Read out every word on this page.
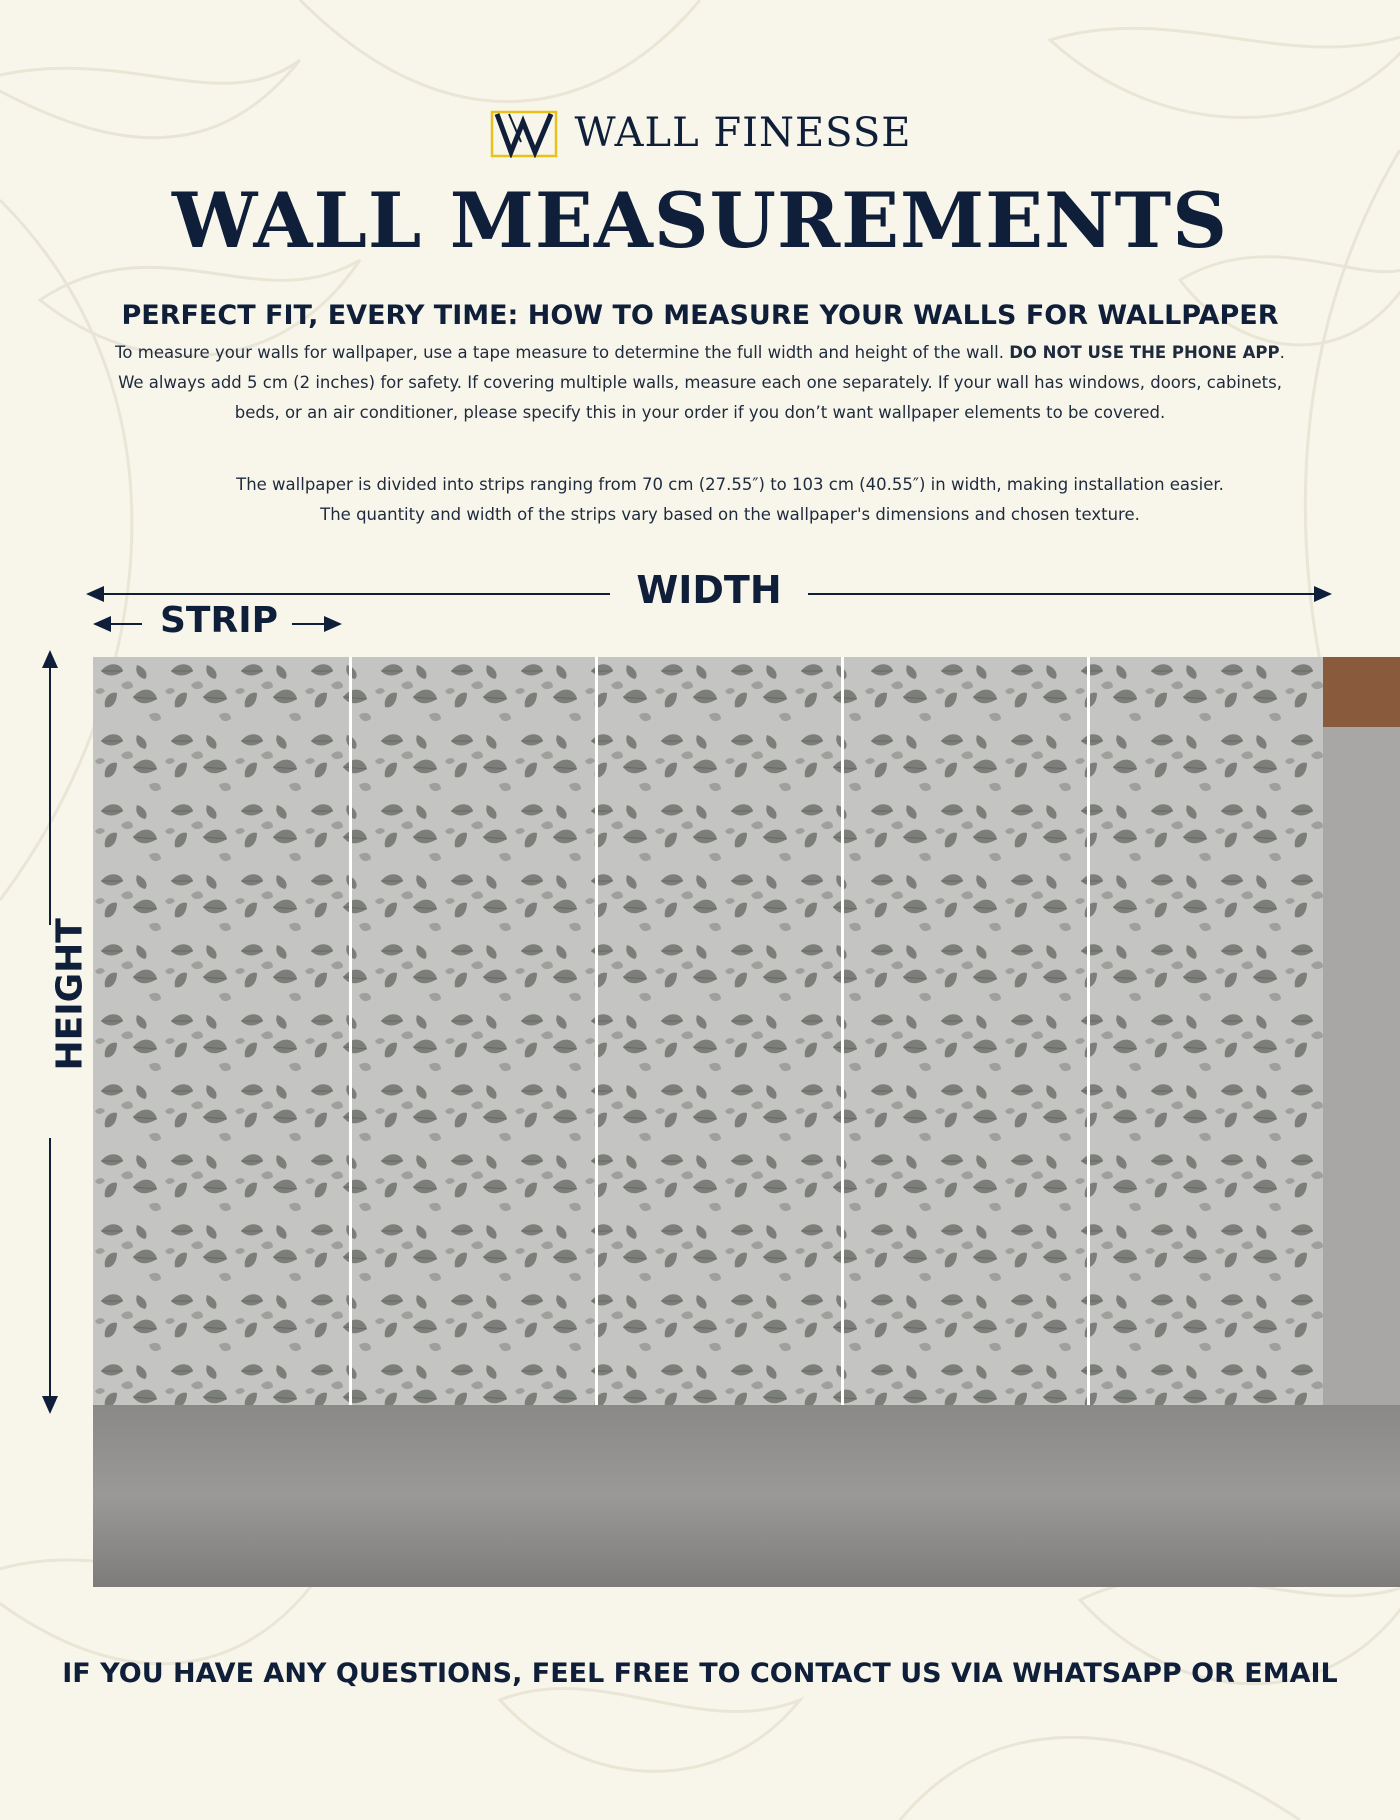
WALL FINESSE
WALL MEASUREMENTS
PERFECT FIT, EVERY TIME: HOW TO MEASURE YOUR WALLS FOR WALLPAPER
To measure your walls for wallpaper, use a tape measure to determine the full width and height of the wall. DO NOT USE THE PHONE APP.
We always add 5 cm (2 inches) for safety. If covering multiple walls, measure each one separately. If your wall has windows, doors, cabinets, beds, or an air conditioner, please specify this in your order if you don’t want wallpaper elements to be covered.
The wallpaper is divided into strips ranging from 70 cm (27.55″) to 103 cm (40.55″) in width, making installation easier.
The quantity and width of the strips vary based on the wallpaper's dimensions and chosen texture.
WIDTH
STRIP
HEIGHT
IF YOU HAVE ANY QUESTIONS, FEEL FREE TO CONTACT US VIA WHATSAPP OR EMAIL
